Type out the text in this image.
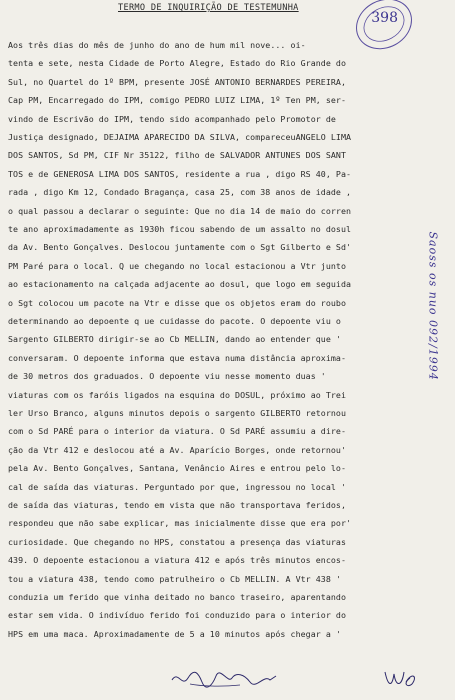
TERMO DE INQUIRIÇÃO DE TESTEMUNHA
398
Aos três dias do mês de junho do ano de hum mil nove... oi-
tenta e sete, nesta Cidade de Porto Alegre, Estado do Rio Grande do
Sul, no Quartel do 1º BPM, presente JOSÉ ANTONIO BERNARDES PEREIRA,
Cap PM, Encarregado do IPM, comigo PEDRO LUIZ LIMA, 1º Ten PM, ser-
vindo de Escrivão do IPM, tendo sido acompanhado pelo Promotor de
Justiça designado, DEJAIMA APARECIDO DA SILVA, compareceuANGELO LIMA
DOS SANTOS, Sd PM, CIF Nr 35122, filho de SALVADOR ANTUNES DOS SANT
TOS e de GENEROSA LIMA DOS SANTOS, residente a rua , digo RS 40, Pa-
rada , digo Km 12, Condado Bragança, casa 25, com 38 anos de idade ,
o qual passou a declarar o seguinte: Que no dia 14 de maio do corren
te ano aproximadamente as 1930h ficou sabendo de um assalto no dosul
da Av. Bento Gonçalves. Deslocou juntamente com o Sgt Gilberto e Sd'
PM Paré para o local. Q ue chegando no local estacionou a Vtr junto
ao estacionamento na calçada adjacente ao dosul, que logo em seguida
o Sgt colocou um pacote na Vtr e disse que os objetos eram do roubo
determinando ao depoente q ue cuidasse do pacote. O depoente viu o
Sargento GILBERTO dirigir-se ao Cb MELLIN, dando ao entender que '
conversaram. O depoente informa que estava numa distância aproxima-
de 30 metros dos graduados. O depoente viu nesse momento duas '
viaturas com os faróis ligados na esquina do DOSUL, próximo ao Trei
ler Urso Branco, alguns minutos depois o sargento GILBERTO retornou
com o Sd PARÉ para o interior da viatura. O Sd PARÉ assumiu a dire-
ção da Vtr 412 e deslocou até a Av. Aparício Borges, onde retornou'
pela Av. Bento Gonçalves, Santana, Venâncio Aires e entrou pelo lo-
cal de saída das viaturas. Perguntado por que, ingressou no local '
de saída das viaturas, tendo em vista que não transportava feridos,
respondeu que não sabe explicar, mas inicialmente disse que era por'
curiosidade. Que chegando no HPS, constatou a presença das viaturas
439. O depoente estacionou a viatura 412 e após três minutos encos-
tou a viatura 438, tendo como patrulheiro o Cb MELLIN. A Vtr 438 '
conduzia um ferido que vinha deitado no banco traseiro, aparentando
estar sem vida. O indivíduo ferido foi conduzido para o interior do
HPS em uma maca. Aproximadamente de 5 a 10 minutos após chegar a '
Saoss os nuo 092/1994
